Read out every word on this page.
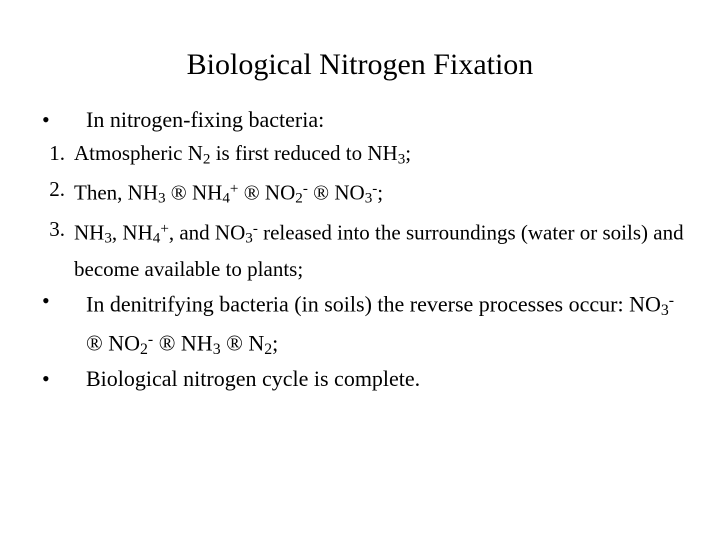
Biological Nitrogen Fixation
•	In nitrogen-fixing bacteria:
1. Atmospheric $N_2$ is first reduced to $NH_3$;
2. Then, $NH_3$ ® $NH_4^+$ ® $NO_2^-$ ® $NO_3^-$;
3. $NH_3$, $NH_4^+$, and $NO_3^-$ released into the surroundings (water or soils) and become available to plants;
•	In denitrifying bacteria (in soils) the reverse processes occur: $NO_3^-$ ® $NO_2^-$ ® $NH_3$ ® $N_2$;
•	Biological nitrogen cycle is complete.
